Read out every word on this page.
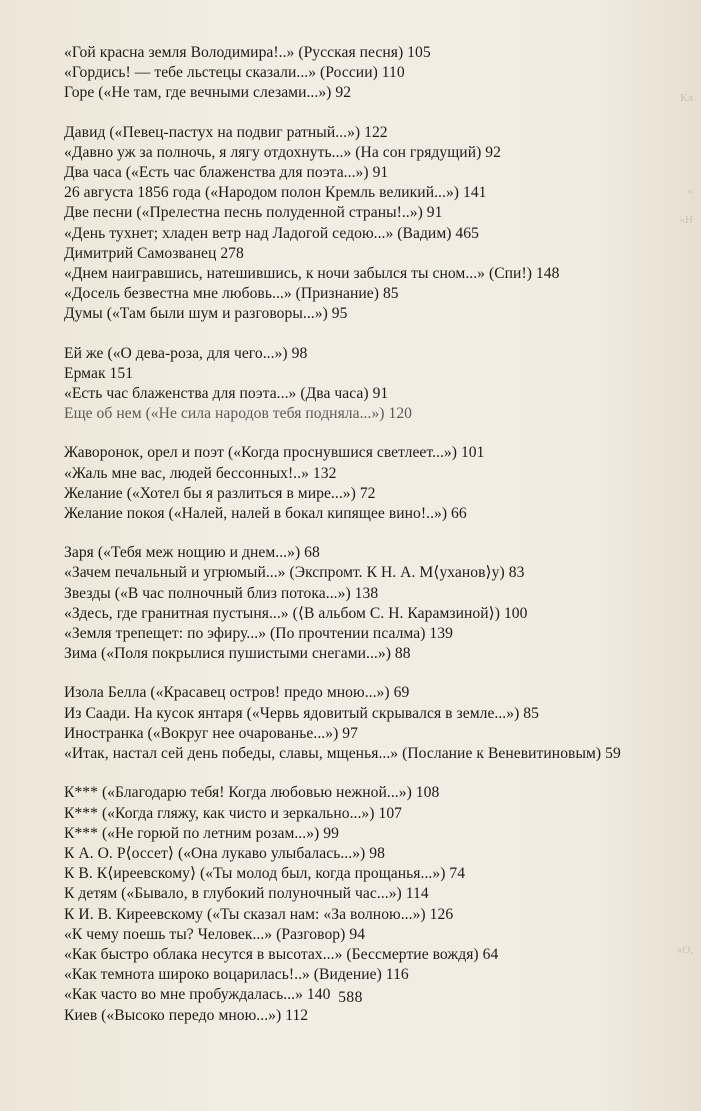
Кл
«
«Н
«О,

«Гой красна земля Володимира!..» (Русская песня) 105

«Гордись! — тебе льстецы сказали...» (России) 110

Горе («Не там, где вечными слезами...») 92

Давид («Певец-пастух на подвиг ратный...») 122

«Давно уж за полночь, я лягу отдохнуть...» (На сон грядущий) 92

Два часа («Есть час блаженства для поэта...») 91

26 августа 1856 года («Народом полон Кремль великий...») 141

Две песни («Прелестна песнь полуденной страны!..») 91

«День тухнет; хладен ветр над Ладогой седою...» (Вадим) 465

Димитрий Самозванец 278

«Днем наигравшись, натешившись, к ночи забылся ты сном...» (Спи!) 148

«Досель безвестна мне любовь...» (Признание) 85

Думы («Там были шум и разговоры...») 95

Ей же («О дева-роза, для чего...») 98

Ермак 151

«Есть час блаженства для поэта...» (Два часа) 91

Еще об нем («Не сила народов тебя подняла...») 120

Жаворонок, орел и поэт («Когда проснувшися светлеет...») 101

«Жаль мне вас, людей бессонных!..» 132

Желание («Хотел бы я разлиться в мире...») 72

Желание покоя («Налей, налей в бокал кипящее вино!..») 66

Заря («Тебя меж нощию и днем...») 68

«Зачем печальный и угрюмый...» (Экспромт. К Н. А. М⟨уханов⟩у) 83

Звезды («В час полночный близ потока...») 138

«Здесь, где гранитная пустыня...» (⟨В альбом С. Н. Карамзиной⟩) 100

«Земля трепещет: по эфиру...» (По прочтении псалма) 139

Зима («Поля покрылися пушистыми снегами...») 88

Изола Белла («Красавец остров! предо мною...») 69

Из Саади. На кусок янтаря («Червь ядовитый скрывался в земле...») 85

Иностранка («Вокруг нее очарованье...») 97

«Итак, настал сей день победы, славы, мщенья...» (Послание к Веневитиновым) 59

К*** («Благодарю тебя! Когда любовью нежной...») 108

К*** («Когда гляжу, как чисто и зеркально...») 107

К*** («Не горюй по летним розам...») 99

К А. О. Р⟨оссет⟩ («Она лукаво улыбалась...») 98

К В. К⟨иреевскому⟩ («Ты молод был, когда прощанья...») 74

К детям («Бывало, в глубокий полуночный час...») 114

К И. В. Киреевскому («Ты сказал нам: «За волною...») 126

«К чему поешь ты? Человек...» (Разговор) 94

«Как быстро облака несутся в высотах...» (Бессмертие вождя) 64

«Как темнота широко воцарилась!..» (Видение) 116

«Как часто во мне пробуждалась...» 140

Киев («Высоко передо мною...») 112

588
